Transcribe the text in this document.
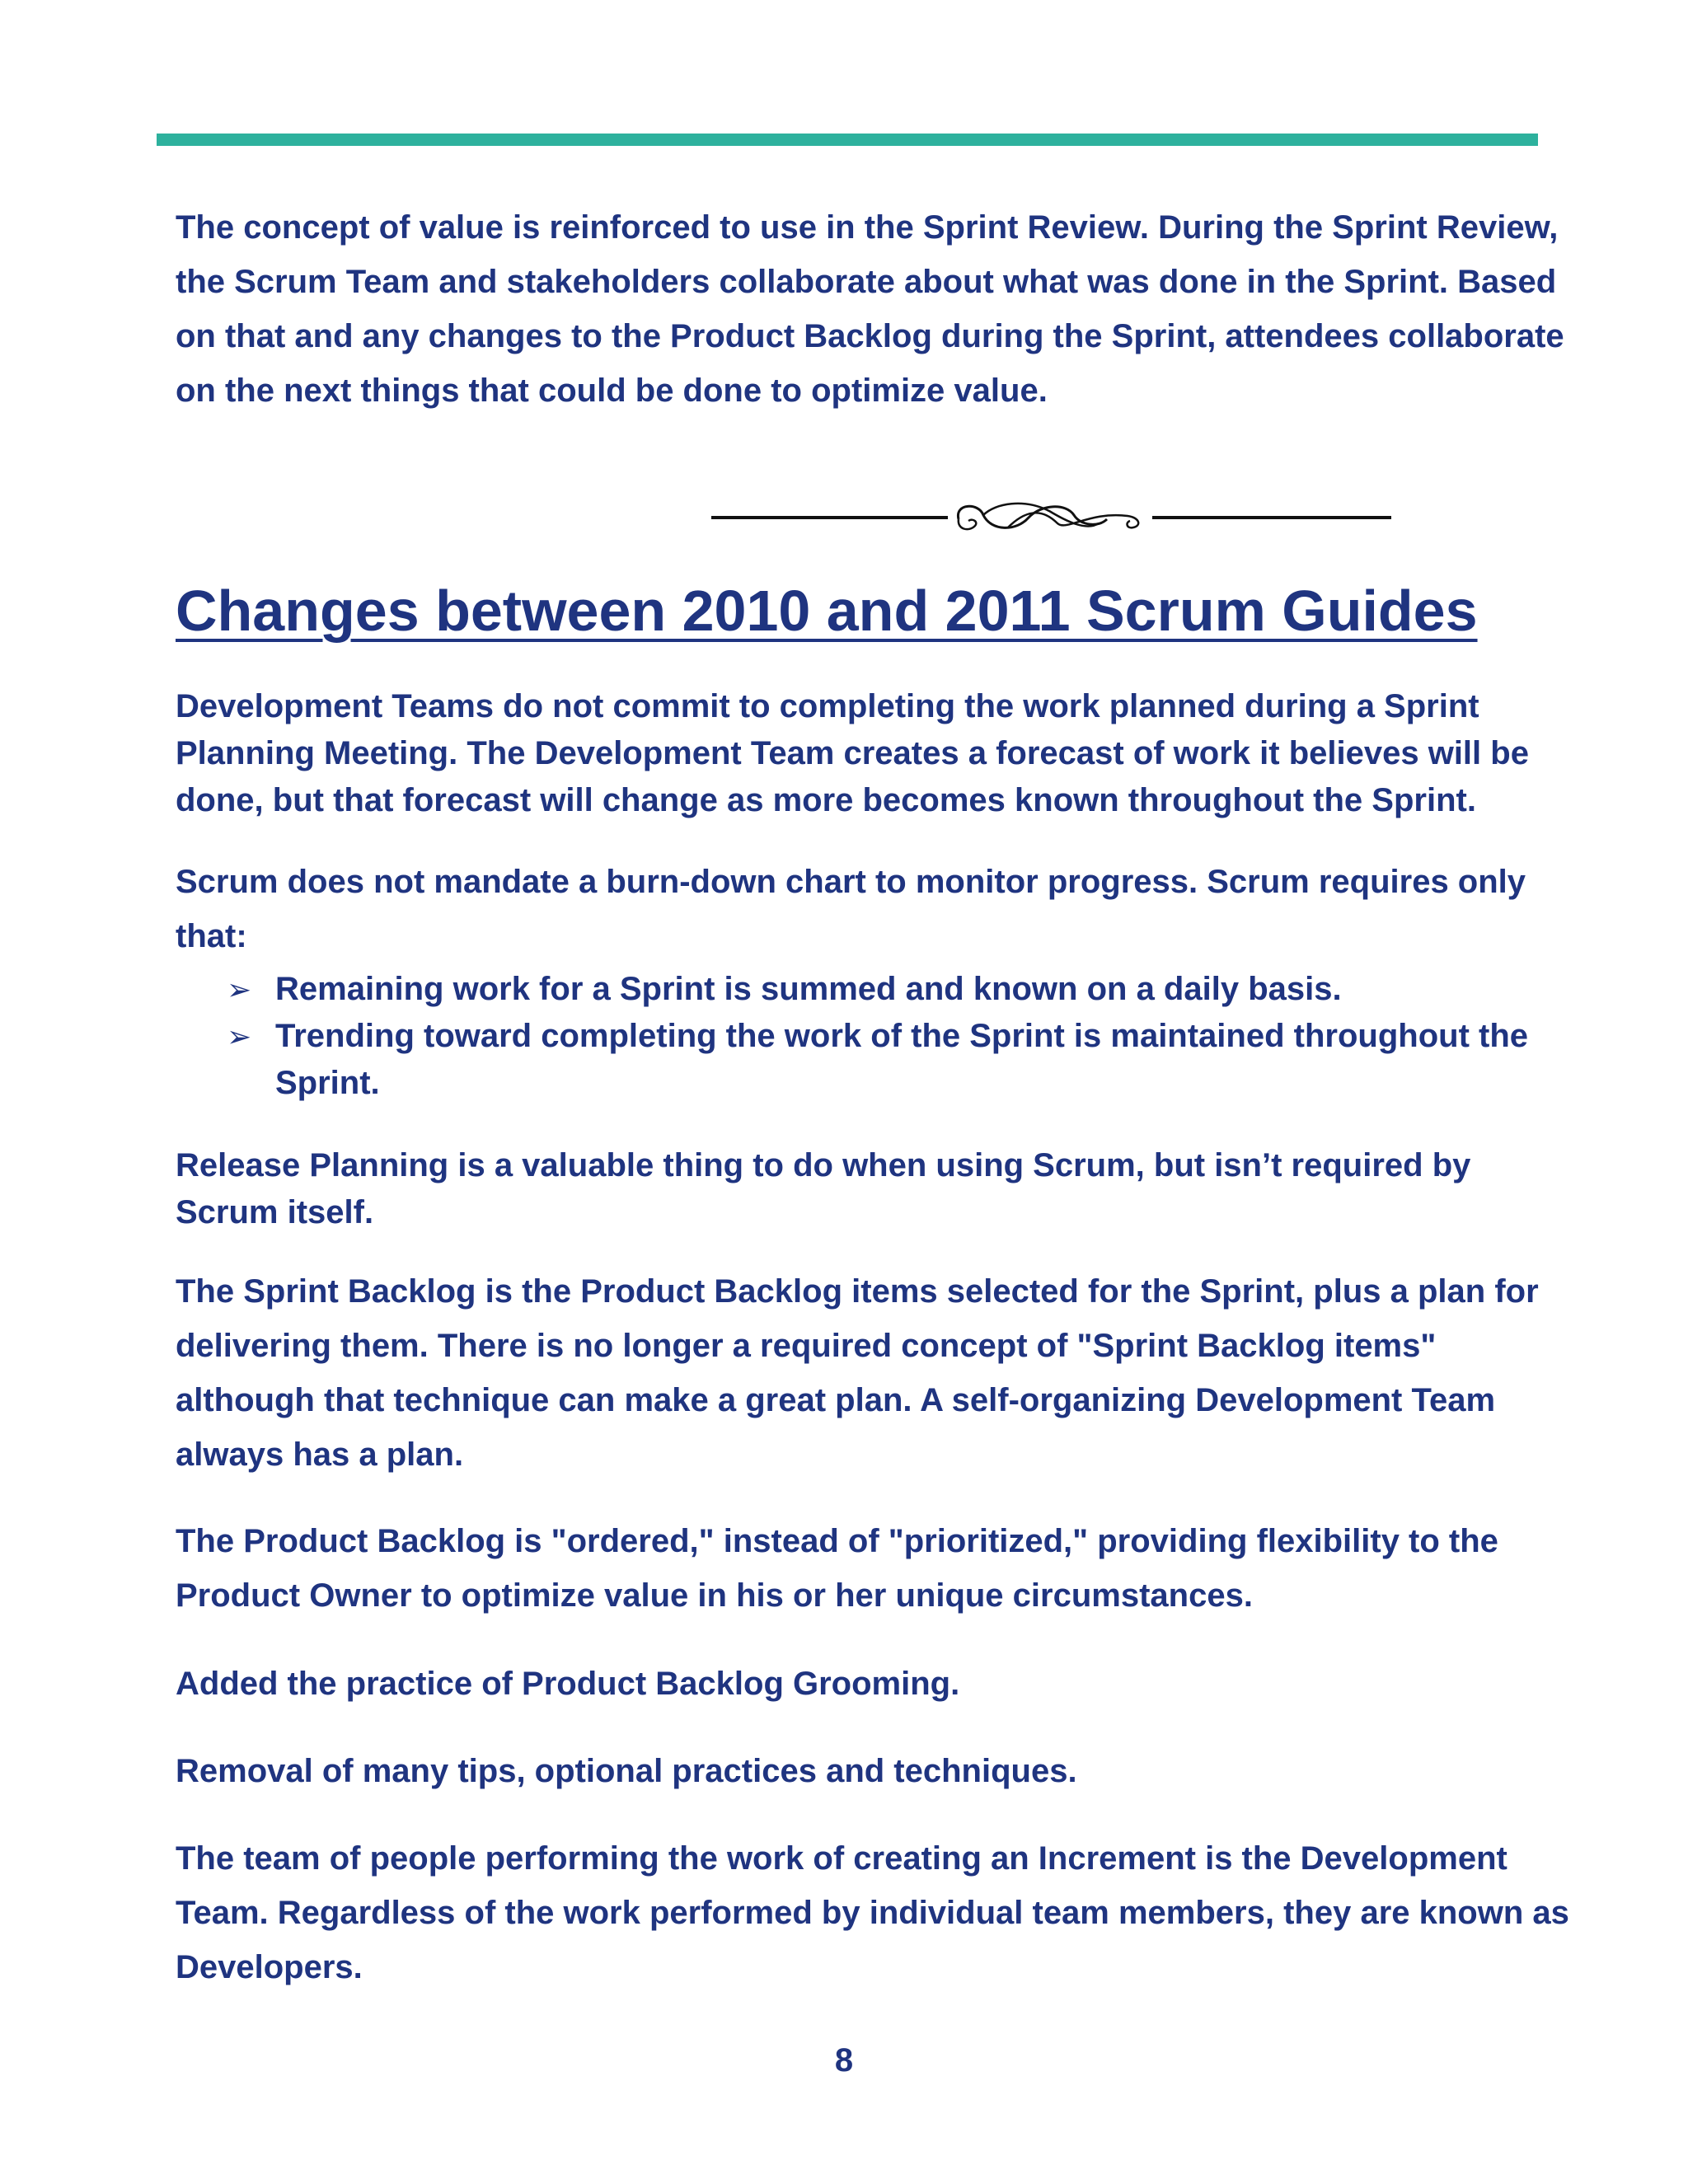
The concept of value is reinforced to use in the Sprint Review. During the Sprint Review, the Scrum Team and stakeholders collaborate about what was done in the Sprint. Based on that and any changes to the Product Backlog during the Sprint, attendees collaborate on the next things that could be done to optimize value.

Changes between 2010 and 2011 Scrum Guides

Development Teams do not commit to completing the work planned during a Sprint Planning Meeting. The Development Team creates a forecast of work it believes will be done, but that forecast will change as more becomes known throughout the Sprint.

Scrum does not mandate a burn-down chart to monitor progress. Scrum requires only that:

➢ Remaining work for a Sprint is summed and known on a daily basis.
➢ Trending toward completing the work of the Sprint is maintained throughout the Sprint.

Release Planning is a valuable thing to do when using Scrum, but isn’t required by Scrum itself.

The Sprint Backlog is the Product Backlog items selected for the Sprint, plus a plan for delivering them. There is no longer a required concept of "Sprint Backlog items" although that technique can make a great plan. A self-organizing Development Team always has a plan.

The Product Backlog is "ordered," instead of "prioritized," providing flexibility to the Product Owner to optimize value in his or her unique circumstances.

Added the practice of Product Backlog Grooming.

Removal of many tips, optional practices and techniques.

The team of people performing the work of creating an Increment is the Development Team. Regardless of the work performed by individual team members, they are known as Developers.

8
